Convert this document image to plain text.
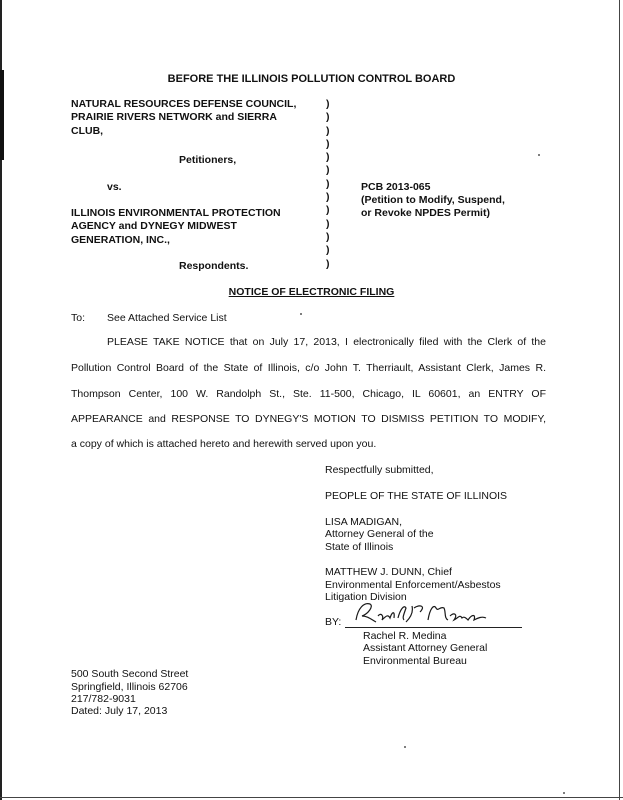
BEFORE THE ILLINOIS POLLUTION CONTROL BOARD
NATURAL RESOURCES DEFENSE COUNCIL,
PRAIRIE RIVERS NETWORK and SIERRA
CLUB,
Petitioners,
vs.
ILLINOIS ENVIRONMENTAL PROTECTION
AGENCY and DYNEGY MIDWEST
GENERATION, INC.,
Respondents.
)
)
)
)
)
)
)
)
)
)
)
)
)
PCB 2013-065
(Petition to Modify, Suspend,
or Revoke NPDES Permit)
NOTICE OF ELECTRONIC FILING
To: See Attached Service List
PLEASE TAKE NOTICE that on July 17, 2013, I electronically filed with the Clerk of the
Pollution Control Board of the State of Illinois, c/o John T. Therriault, Assistant Clerk, James R.
Thompson Center, 100 W. Randolph St., Ste. 11-500, Chicago, IL 60601, an ENTRY OF
APPEARANCE and RESPONSE TO DYNEGY'S MOTION TO DISMISS PETITION TO MODIFY,
a copy of which is attached hereto and herewith served upon you.
Respectfully submitted,
PEOPLE OF THE STATE OF ILLINOIS
LISA MADIGAN,
Attorney General of the
State of Illinois
MATTHEW J. DUNN, Chief
Environmental Enforcement/Asbestos
Litigation Division
BY:
Rachel R. Medina
Assistant Attorney General
Environmental Bureau
500 South Second Street
Springfield, Illinois 62706
217/782-9031
Dated: July 17, 2013
